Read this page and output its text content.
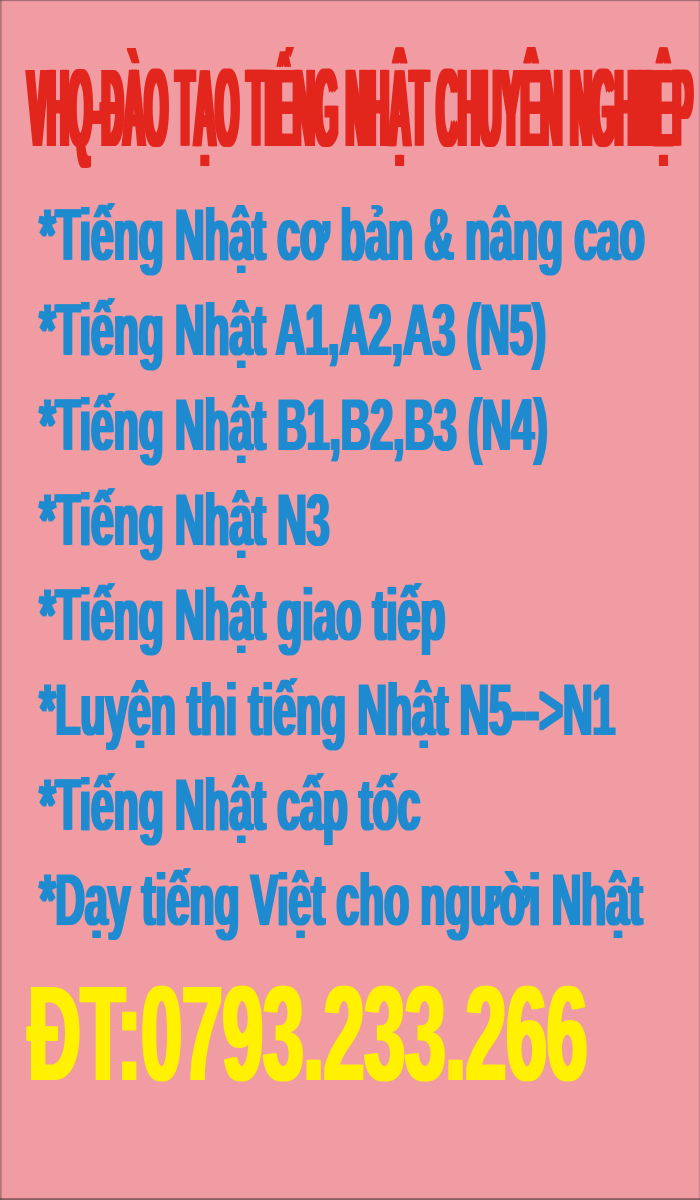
VHQ-ĐÀO TẠO TIẾNG NHẬT CHUYÊN NGHIIỆP
*Tiếng Nhật cơ bản & nâng cao
*Tiếng Nhật A1,A2,A3 (N5)
*Tiếng Nhật B1,B2,B3 (N4)
*Tiếng Nhật N3
*Tiếng Nhật giao tiếp
*Luyện thi tiếng Nhật N5-->N1
*Tiếng Nhật cấp tốc
*Dạy tiếng Việt cho người Nhật
ĐT:0793.233.266
